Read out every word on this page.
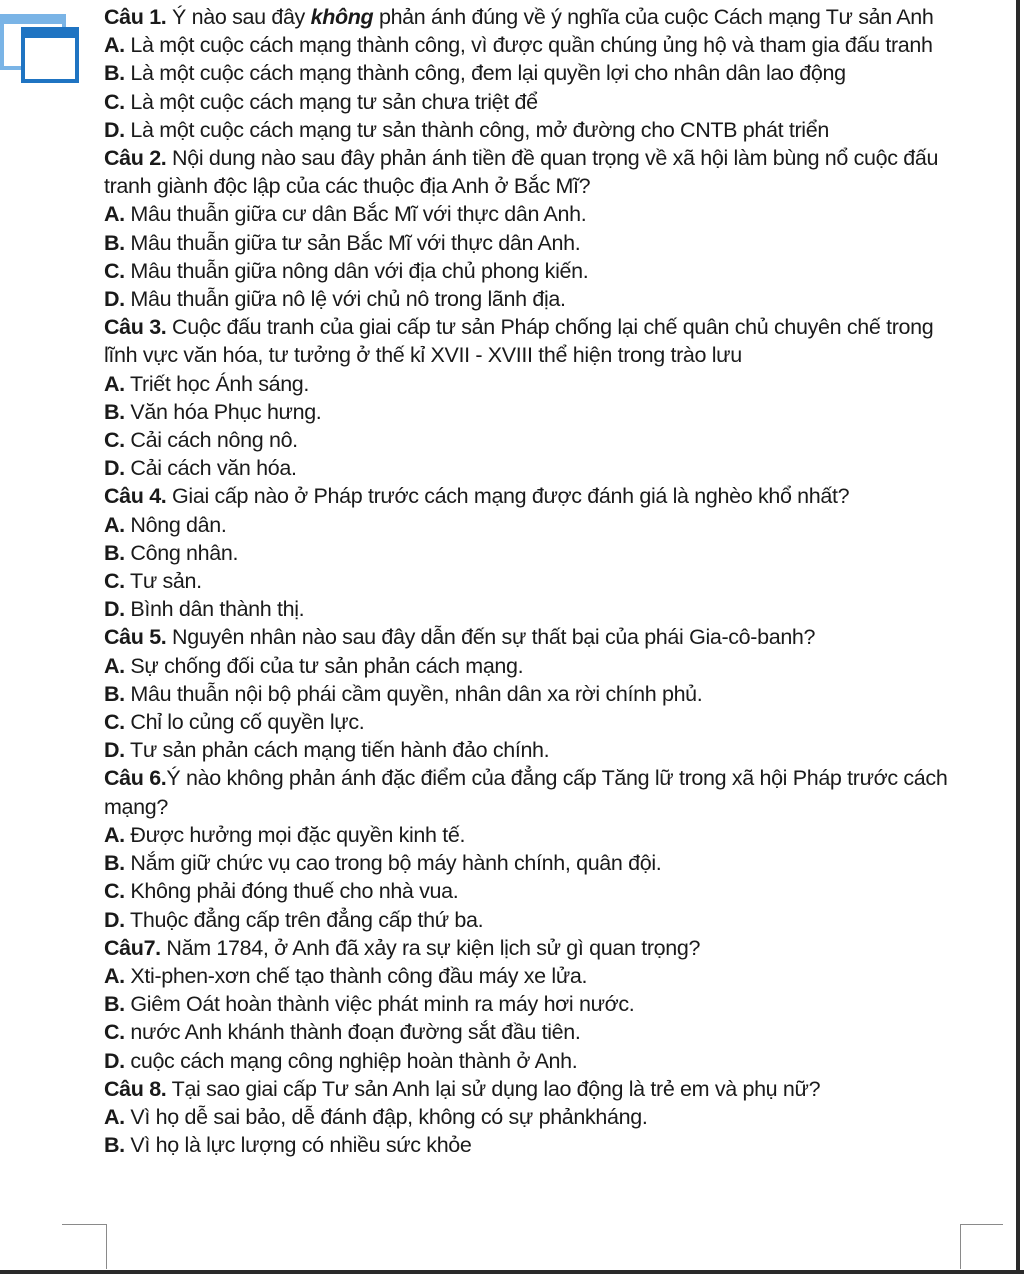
Câu 1. Ý nào sau đây không phản ánh đúng về ý nghĩa của cuộc Cách mạng Tư sản Anh

A. Là một cuộc cách mạng thành công, vì được quần chúng ủng hộ và tham gia đấu tranh

B. Là một cuộc cách mạng thành công, đem lại quyền lợi cho nhân dân lao động

C. Là một cuộc cách mạng tư sản chưa triệt để

D. Là một cuộc cách mạng tư sản thành công, mở đường cho CNTB phát triển

Câu 2. Nội dung nào sau đây phản ánh tiền đề quan trọng về xã hội làm bùng nổ cuộc đấu tranh giành độc lập của các thuộc địa Anh ở Bắc Mĩ?

A. Mâu thuẫn giữa cư dân Bắc Mĩ với thực dân Anh.

B. Mâu thuẫn giữa tư sản Bắc Mĩ với thực dân Anh.

C. Mâu thuẫn giữa nông dân với địa chủ phong kiến.

D. Mâu thuẫn giữa nô lệ với chủ nô trong lãnh địa.

Câu 3. Cuộc đấu tranh của giai cấp tư sản Pháp chống lại chế quân chủ chuyên chế trong lĩnh vực văn hóa, tư tưởng ở thế kỉ XVII - XVIII thể hiện trong trào lưu

A. Triết học Ánh sáng.

B. Văn hóa Phục hưng.

C. Cải cách nông nô.

D. Cải cách văn hóa.

Câu 4. Giai cấp nào ở Pháp trước cách mạng được đánh giá là nghèo khổ nhất?

A. Nông dân.

B. Công nhân.

C. Tư sản.

D. Bình dân thành thị.

Câu 5. Nguyên nhân nào sau đây dẫn đến sự thất bại của phái Gia-cô-banh?

A. Sự chống đối của tư sản phản cách mạng.

B. Mâu thuẫn nội bộ phái cầm quyền, nhân dân xa rời chính phủ.

C. Chỉ lo củng cố quyền lực.

D. Tư sản phản cách mạng tiến hành đảo chính.

Câu 6.Ý nào không phản ánh đặc điểm của đẳng cấp Tăng lữ trong xã hội Pháp trước cách mạng?

A. Được hưởng mọi đặc quyền kinh tế.

B. Nắm giữ chức vụ cao trong bộ máy hành chính, quân đội.

C. Không phải đóng thuế cho nhà vua.

D. Thuộc đẳng cấp trên đẳng cấp thứ ba.

Câu7. Năm 1784, ở Anh đã xảy ra sự kiện lịch sử gì quan trọng?

A. Xti-phen-xơn chế tạo thành công đầu máy xe lửa.

B. Giêm Oát hoàn thành việc phát minh ra máy hơi nước.

C. nước Anh khánh thành đoạn đường sắt đầu tiên.

D. cuộc cách mạng công nghiệp hoàn thành ở Anh.

Câu 8. Tại sao giai cấp Tư sản Anh lại sử dụng lao động là trẻ em và phụ nữ?

A. Vì họ dễ sai bảo, dễ đánh đập, không có sự phảnkháng.

B. Vì họ là lực lượng có nhiều sức khỏe
